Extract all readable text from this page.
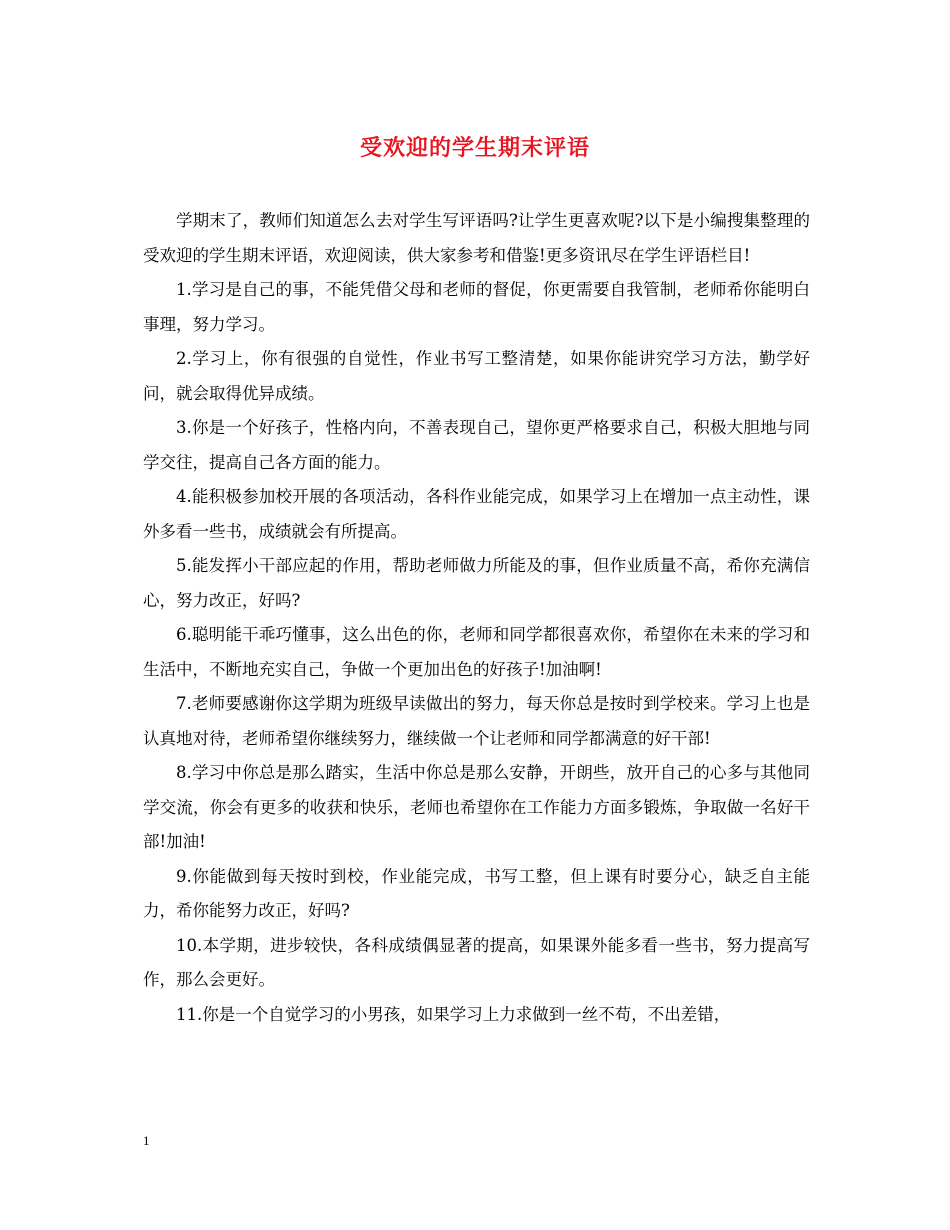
受欢迎的学生期末评语

学期末了，教师们知道怎么去对学生写评语吗?让学生更喜欢呢?以下是小编搜集整理的受欢迎的学生期末评语，欢迎阅读，供大家参考和借鉴!更多资讯尽在学生评语栏目!

1.学习是自己的事，不能凭借父母和老师的督促，你更需要自我管制，老师希你能明白事理，努力学习。

2.学习上，你有很强的自觉性，作业书写工整清楚，如果你能讲究学习方法，勤学好问，就会取得优异成绩。

3.你是一个好孩子，性格内向，不善表现自己，望你更严格要求自己，积极大胆地与同学交往，提高自己各方面的能力。

4.能积极参加校开展的各项活动，各科作业能完成，如果学习上在增加一点主动性，课外多看一些书，成绩就会有所提高。

5.能发挥小干部应起的作用，帮助老师做力所能及的事，但作业质量不高，希你充满信心，努力改正，好吗?

6.聪明能干乖巧懂事，这么出色的你，老师和同学都很喜欢你，希望你在未来的学习和生活中，不断地充实自己，争做一个更加出色的好孩子!加油啊!

7.老师要感谢你这学期为班级早读做出的努力，每天你总是按时到学校来。学习上也是认真地对待，老师希望你继续努力，继续做一个让老师和同学都满意的好干部!

8.学习中你总是那么踏实，生活中你总是那么安静，开朗些，放开自己的心多与其他同学交流，你会有更多的收获和快乐，老师也希望你在工作能力方面多锻炼，争取做一名好干部!加油!

9.你能做到每天按时到校，作业能完成，书写工整，但上课有时要分心，缺乏自主能力，希你能努力改正，好吗?

10.本学期，进步较快，各科成绩偶显著的提高，如果课外能多看一些书，努力提高写作，那么会更好。

11.你是一个自觉学习的小男孩，如果学习上力求做到一丝不苟，不出差错，

1
